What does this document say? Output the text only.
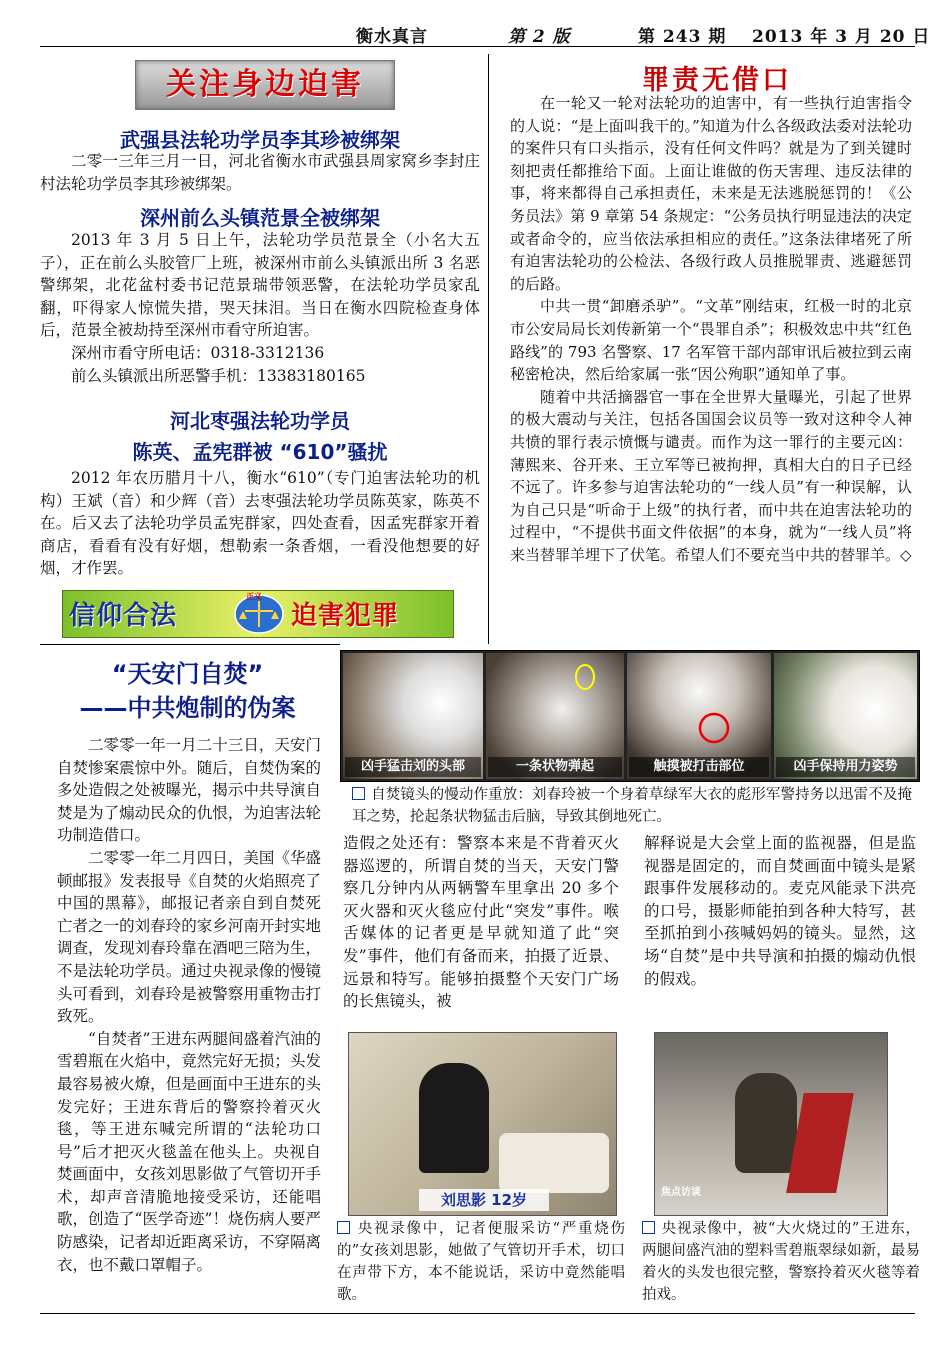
衡水真言	第 2 版	第 243 期 2013 年 3 月 20 日
关注身边迫害
武强县法轮功学员李其珍被绑架

二零一三年三月一日，河北省衡水市武强县周家窝乡李封庄村法轮功学员李其珍被绑架。

深州前么头镇范景全被绑架

2013 年 3 月 5 日上午，法轮功学员范景全（小名大五子），正在前么头胶管厂上班，被深州市前么头镇派出所 3 名恶警绑架，北花盆村委书记范景瑞带领恶警，在法轮功学员家乱翻，吓得家人惊慌失措，哭天抹泪。当日在衡水四院检查身体后，范景全被劫持至深州市看守所迫害。

深州市看守所电话：0318-3312136

前么头镇派出所恶警手机：13383180165

河北枣强法轮功学员
陈英、孟宪群被 “610”骚扰

2012 年农历腊月十八，衡水“610”（专门迫害法轮功的机构）王斌（音）和少辉（音）去枣强法轮功学员陈英家，陈英不在。后又去了法轮功学员孟宪群家，四处查看，因孟宪群家开着商店，看看有没有好烟，想勒索一条香烟，一看没他想要的好烟，才作罢。

信仰合法
正义
迫害犯罪
罪责无借口

在一轮又一轮对法轮功的迫害中，有一些执行迫害指令的人说：“是上面叫我干的。”知道为什么各级政法委对法轮功的案件只有口头指示，没有任何文件吗？就是为了到关键时刻把责任都推给下面。上面让谁做的伤天害理、违反法律的事，将来都得自己承担责任，未来是无法逃脱惩罚的！《公务员法》第 9 章第 54 条规定：“公务员执行明显违法的决定或者命令的，应当依法承担相应的责任。”这条法律堵死了所有迫害法轮功的公检法、各级行政人员推脱罪责、逃避惩罚的后路。

中共一贯“卸磨杀驴”。“文革”刚结束，红极一时的北京市公安局局长刘传新第一个“畏罪自杀”；积极效忠中共“红色路线”的 793 名警察、17 名军管干部内部审讯后被拉到云南秘密枪决，然后给家属一张“因公殉职”通知单了事。

随着中共活摘器官一事在全世界大量曝光，引起了世界的极大震动与关注，包括各国国会议员等一致对这种令人神共愤的罪行表示愤慨与谴责。而作为这一罪行的主要元凶：薄熙来、谷开来、王立军等已被拘押，真相大白的日子已经不远了。许多参与迫害法轮功的“一线人员”有一种误解，认为自己只是“听命于上级”的执行者，而中共在迫害法轮功的过程中，“不提供书面文件依据”的本身，就为“一线人员”将来当替罪羊埋下了伏笔。希望人们不要充当中共的替罪羊。◇

“天安门自焚”
——中共炮制的伪案

二零零一年一月二十三日，天安门自焚惨案震惊中外。随后，自焚伪案的多处造假之处被曝光，揭示中共导演自焚是为了煽动民众的仇恨，为迫害法轮功制造借口。

二零零一年二月四日，美国《华盛顿邮报》发表报导《自焚的火焰照亮了中国的黑幕》，邮报记者亲自到自焚死亡者之一的刘春玲的家乡河南开封实地调查，发现刘春玲靠在酒吧三陪为生，不是法轮功学员。通过央视录像的慢镜头可看到，刘春玲是被警察用重物击打致死。

“自焚者”王进东两腿间盛着汽油的雪碧瓶在火焰中，竟然完好无损；头发最容易被火燎，但是画面中王进东的头发完好；王进东背后的警察拎着灭火毯，等王进东喊完所谓的“法轮功口号”后才把灭火毯盖在他头上。央视自焚画面中，女孩刘思影做了气管切开手术，却声音清脆地接受采访，还能唱歌，创造了“医学奇迹”！烧伤病人要严防感染，记者却近距离采访，不穿隔离衣，也不戴口罩帽子。

凶手猛击刘的头部	一条状物弹起	触摸被打击部位	凶手保持用力姿势
自焚镜头的慢动作重放：刘春玲被一个身着草绿军大衣的彪形军警持务以迅雷不及掩耳之势，抡起条状物猛击后脑，导致其倒地死亡。

造假之处还有：警察本来是不背着灭火器巡逻的，所谓自焚的当天，天安门警察几分钟内从两辆警车里拿出 20 多个灭火器和灭火毯应付此“突发”事件。喉舌媒体的记者更是早就知道了此“突发”事件，他们有备而来，拍摄了近景、远景和特写。能够拍摄整个天安门广场的长焦镜头，被

解释说是大会堂上面的监视器，但是监视器是固定的，而自焚画面中镜头是紧跟事件发展移动的。麦克风能录下洪亮的口号，摄影师能拍到各种大特写，甚至抓拍到小孩喊妈妈的镜头。显然，这场“自焚”是中共导演和拍摄的煽动仇恨的假戏。

刘思影 12岁
央视录像中，记者便服采访“严重烧伤的”女孩刘思影，她做了气管切开手术，切口在声带下方，本不能说话，采访中竟然能唱歌。
焦点访谈
央视录像中，被“大火烧过的”王进东，两腿间盛汽油的塑料雪碧瓶翠绿如新，最易着火的头发也很完整，警察拎着灭火毯等着拍戏。
